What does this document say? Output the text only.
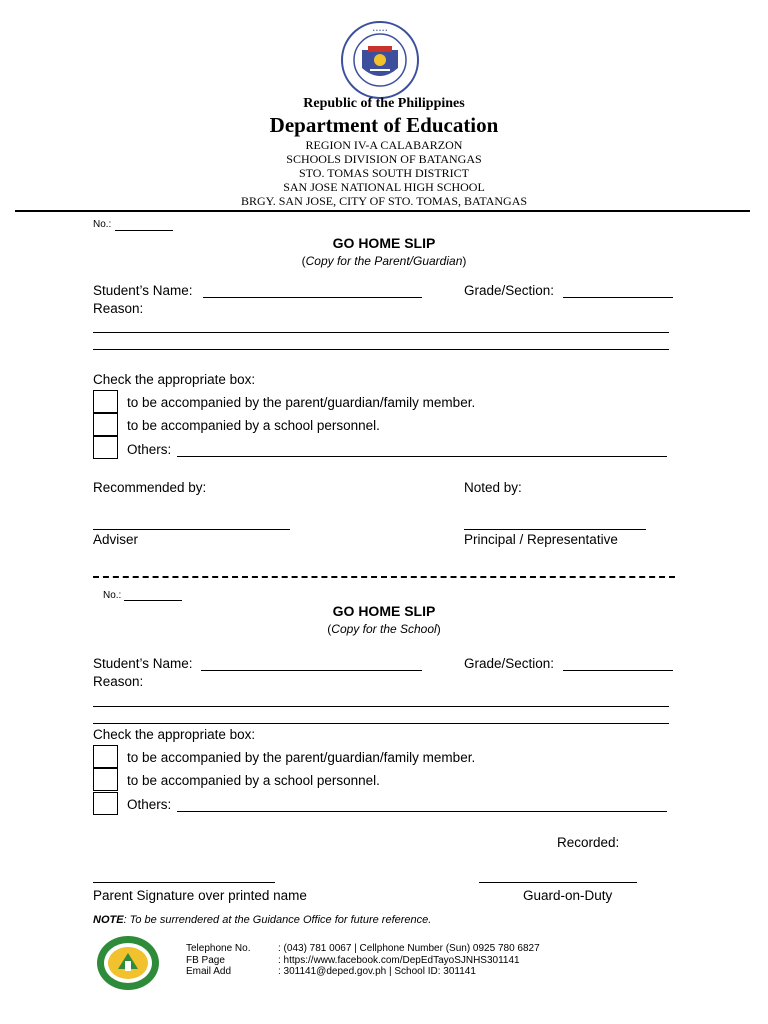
• • • • •
Republic of the Philippines
Department of Education
REGION IV-A CALABARZON
SCHOOLS DIVISION OF BATANGAS
STO. TOMAS SOUTH DISTRICT
SAN JOSE NATIONAL HIGH SCHOOL
BRGY. SAN JOSE, CITY OF STO. TOMAS, BATANGAS
No.:
GO HOME SLIP
(Copy for the Parent/Guardian)
Student’s Name:	Grade/Section:
Reason:
Check the appropriate box:
to be accompanied by the parent/guardian/family member.
to be accompanied by a school personnel.
Others:
Recommended by:	Noted by:
Adviser	Principal / Representative
No.:
GO HOME SLIP
(Copy for the School)
Student’s Name:	Grade/Section:
Reason:
Check the appropriate box:
to be accompanied by the parent/guardian/family member.
to be accompanied by a school personnel.
Others:
Recorded:
Parent Signature over printed name	Guard-on-Duty
NOTE: To be surrendered at the Guidance Office for future reference.
Telephone No.	: (043) 781 0067 | Cellphone Number (Sun) 0925 780 6827
FB Page	: https://www.facebook.com/DepEdTayoSJNHS301141
Email Add	: 301141@deped.gov.ph | School ID: 301141
